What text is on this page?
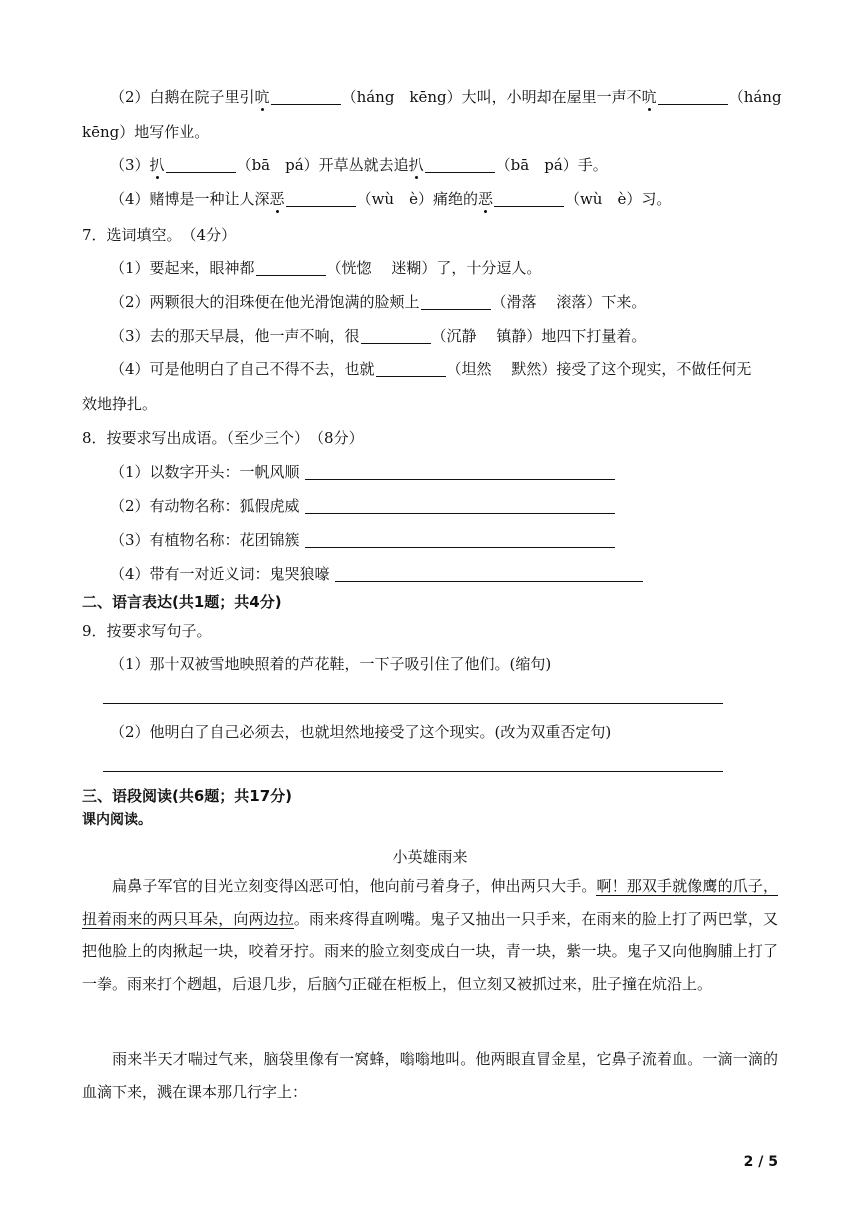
（2）白鹅在院子里引吭	（háng　kēng）大叫，小明却在屋里一声不吭	（háng
kēng）地写作业。
（3）扒	（bā　pá）开草丛就去追扒	（bā　pá）手。
（4）赌博是一种让人深恶	（wù　è）痛绝的恶	（wù　è）习。
7．选词填空。　（4分）
（1）要起来，眼神都	（恍惚　 迷糊）了，十分逗人。
（2）两颗很大的泪珠便在他光滑饱满的脸颊上	（滑落　 滚落）下来。
（3）去的那天早晨，他一声不响，很	（沉静　 镇静）地四下打量着。
（4）可是他明白了自己不得不去，也就	（坦然　 默然）接受了这个现实，不做任何无
效地挣扎。
8．按要求写出成语。（至少三个）　（8分）
（1）以数字开头：一帆风顺
（2）有动物名称：狐假虎威
（3）有植物名称：花团锦簇
（4）带有一对近义词：鬼哭狼嚎
二、语言表达(共1题；共4分)
9．按要求写句子。
（1）那十双被雪地映照着的芦花鞋，一下子吸引住了他们。(缩句)
（2）他明白了自己必须去，也就坦然地接受了这个现实。(改为双重否定句)
三、语段阅读(共6题；共17分)
课内阅读。
小英雄雨来
扁鼻子军官的目光立刻变得凶恶可怕，他向前弓着身子，伸出两只大手。啊！那双手就像鹰的爪子，扭着雨来的两只耳朵，向两边拉。雨来疼得直咧嘴。鬼子又抽出一只手来，在雨来的脸上打了两巴掌，又把他脸上的肉揪起一块，咬着牙拧。雨来的脸立刻变成白一块，青一块，紫一块。鬼子又向他胸脯上打了一拳。雨来打个趔趄，后退几步，后脑勺正碰在柜板上，但立刻又被抓过来，肚子撞在炕沿上。
雨来半天才喘过气来，脑袋里像有一窝蜂，嗡嗡地叫。他两眼直冒金星，它鼻子流着血。一滴一滴的血滴下来，溅在课本那几行字上：
2 / 5
